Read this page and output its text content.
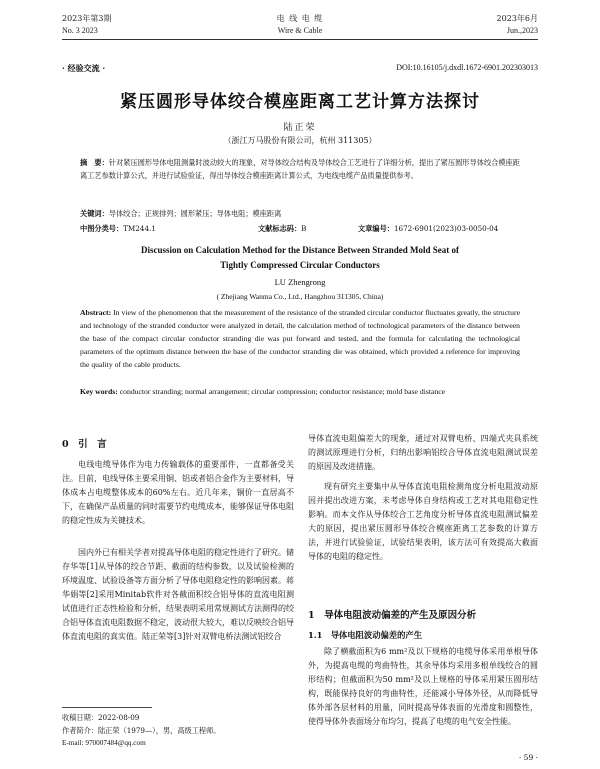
2023年第3期
No. 3 2023
电 线 电 缆
Wire & Cable
2023年6月
Jun.,2023
· 经验交流 ·	DOI:10.16105/j.dxdl.1672-6901.202303013
紧压圆形导体绞合模座距离工艺计算方法探讨
陆正荣
（浙江万马股份有限公司，杭州 311305）
摘　要：针对紧压圆形导体电阻测量时波动较大的现象，对导体绞合结构及导体绞合工艺进行了详细分析，提出了紧压圆形导体绞合模座距离工艺参数计算公式，并进行试验验证，得出导体绞合模座距离计算公式，为电线电缆产品质量提供参考。
关键词：导体绞合；正规排列；圆形紧压；导体电阻；模座距离
中图分类号：TM244.1	文献标志码：B	文章编号：1672-6901(2023)03-0050-04
Discussion on Calculation Method for the Distance Between Stranded Mold Seat of
Tightly Compressed Circular Conductors
LU Zhengrong
( Zhejiang Wanma Co., Ltd., Hangzhou 311305, China)
Abstract: In view of the phenomenon that the measurement of the resistance of the stranded circular conductor fluctuates greatly, the structure and technology of the stranded conductor were analyzed in detail, the calculation method of technological parameters of the distance between the base of the compact circular conductor stranding die was put forward and tested, and the formula for calculating the technological parameters of the optimum distance between the base of the conductor stranding die was obtained, which provided a reference for improving the quality of the cable products.
Key words: conductor stranding; normal arrangement; circular compression; conductor resistance; mold base distance
0　引　言
电线电缆导体作为电力传输载体的重要部件，一直都备受关注。目前，电线导体主要采用铜、铝或者铝合金作为主要材料，导体成本占电缆整体成本的60%左右。近几年来，铜价一直居高不下，在确保产品质量的同时需要节约电缆成本，能够保证导体电阻的稳定性成为关键技术。
国内外已有相关学者对提高导体电阻的稳定性进行了研究。储存华等[1]从导体的绞合节距、截面的结构参数，以及试验检测的环境温度、试验设备等方面分析了导体电阻稳定性的影响因素。蒋华娟等[2]采用Minitab软件对各截面积绞合铝导体的直流电阻测试值进行正态性检验和分析，结果表明采用常规测试方法测得的绞合铝导体直流电阻数据不稳定，波动很大较大，难以反映绞合铝导体直流电阻的真实值。陆正荣等[3]针对双臂电桥法测试铝绞合
收稿日期：2022-08-09
作者简介：陆正荣（1979—），男，高级工程师。
E-mail: 970007484@qq.com
导体直流电阻偏差大的现象，通过对双臂电桥、四端式夹具系统的测试原理进行分析，归纳出影响铝绞合导体直流电阻测试误差的原因及改进措施。
现有研究主要集中从导体直流电阻检测角度分析电阻波动原因并提出改进方案，未考虑导体自身结构或工艺对其电阻稳定性影响。而本文作从导体绞合工艺角度分析导体直流电阻测试偏差大的原因，提出紧压圆形导体绞合模座距离工艺参数的计算方法，并进行试验验证，试验结果表明，该方法可有效提高大截面导体的电阻的稳定性。
1　导体电阻波动偏差的产生及原因分析
1.1　导体电阻波动偏差的产生
除了横截面积为6 mm²及以下规格的电缆导体采用单根导体外，为提高电缆的弯曲特性，其余导体均采用多根单线绞合的圆形结构；但截面积为50 mm²及以上规格的导体采用紧压圆形结构，既能保持良好的弯曲特性，还能减小导体外径，从而降低导体外部各层材料的用量，同时提高导体表面的光滑度和圆整性，使得导体外表面场分布均匀，提高了电缆的电气安全性能。
· 59 ·
